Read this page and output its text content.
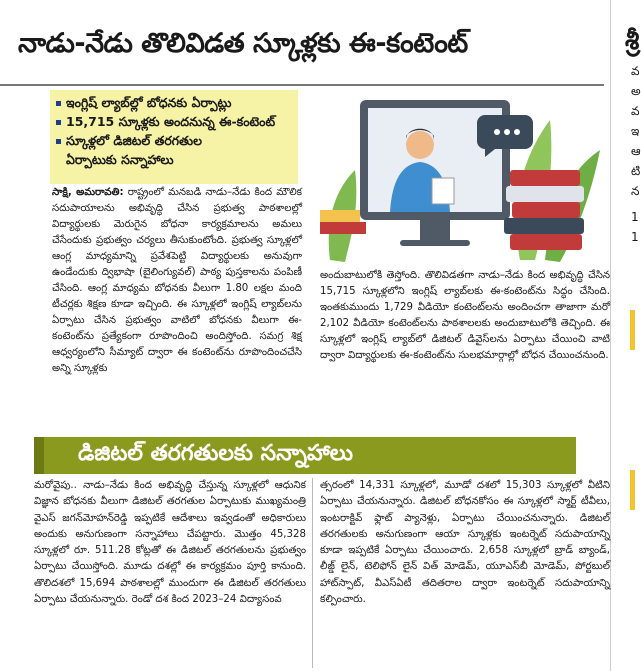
నాడు-నేడు తొలివిడత స్కూళ్లకు ఈ-కంటెంట్	శ్రీ
వ
అ
వ
ఇ
ఆ
టి
న
1
1
ఇంగ్లిష్ ల్యాబ్‌ల్లో బోధనకు ఏర్పాట్లు
15,715 స్కూళ్లకు అందనున్న ఈ-కంటెంట్
స్కూళ్లలో డిజిటల్ తరగతుల
ఏర్పాటుకు సన్నాహాలు

సాక్షి, అమరావతి: రాష్ట్రంలో మనబడి నాడు–నేడు కింద మౌలిక సదుపాయాలను అభివృద్ధి చేసిన ప్రభుత్వ పాఠశాలల్లో విద్యార్థులకు మెరుగైన బోధనా కార్యక్రమాలను అమలు చేసేందుకు ప్రభుత్వం చర్యలు తీసుకుంటోంది. ప్రభుత్వ స్కూళ్లలో ఆంగ్ల మాధ్యమాన్ని ప్రవేశపెట్టి విద్యార్థులకు అనువుగా ఉండేందుకు ద్విభాషా (బైలింగ్యువల్) పాఠ్య పుస్తకాలను పంపిణీ చేసింది. ఆంగ్ల మాధ్యమ బోధనకు వీలుగా 1.80 లక్షల మంది టీచర్లకు శిక్షణ కూడా ఇచ్చింది. ఈ స్కూళ్లలో ఇంగ్లిష్ ల్యాబ్‌లను ఏర్పాటు చేసిన ప్రభుత్వం వాటిలో బోధనకు వీలుగా ఈ-కంటెంట్‌ను ప్రత్యేకంగా రూపొందించి అందిస్తోంది. సమగ్ర శిక్ష ఆధ్వర్యంలోని సీమ్యాట్ ద్వారా ఈ కంటెంట్‌ను రూపొందించచేసి అన్ని స్కూళ్లకు

అందుబాటులోకి తెస్తోంది. తొలివిడతగా నాడు–నేడు కింద అభివృద్ధి చేసిన 15,715 స్కూళ్లలోని ఇంగ్లిష్ ల్యాబ్‌లకు ఈ-కంటెంట్‌ను సిద్ధం చేసింది. ఇంతకుముందు 1,729 వీడియో కంటెంట్‌లను అందించగా తాజాగా మరో 2,102 వీడియో కంటెంట్‌లను పాఠశాలలకు అందుబాటులోకి తెచ్చింది. ఈ స్కూళ్లలో ఇంగ్లిష్ ల్యాబ్‌లో డిజిటల్ డివైస్‌లను ఏర్పాటు చేయించి వాటి ద్వారా విద్యార్థులకు ఈ-కంటెంట్‌ను సులభమార్గాల్లో బోధన చేయించనుంది.

డిజిటల్ తరగతులకు సన్నాహాలు

మరోవైపు.. నాడు–నేడు కింద అభివృద్ధి చేస్తున్న స్కూళ్లలో ఆధునిక విజ్ఞాన బోధనకు వీలుగా డిజిటల్ తరగతుల ఏర్పాటుకు ముఖ్యమంత్రి వైఎస్ జగన్‌మోహన్‌రెడ్డి ఇప్పటికే ఆదేశాలు ఇవ్వడంతో అధికారులు అందుకు అనుగుణంగా సన్నాహాలు చేపట్టారు. మొత్తం 45,328 స్కూళ్లలో రూ. 511.28 కోట్లతో ఈ డిజిటల్ తరగతులను ప్రభుత్వం ఏర్పాటు చేయిస్తోంది. మూడు దశల్లో ఈ కార్యక్రమం పూర్తి కానుంది. తొలిదశలో 15,694 పాఠశాలల్లో ముందుగా ఈ డిజిటల్ తరగతులు ఏర్పాటు చేయనున్నారు. రెండో దశ కింద 2023–24 విద్యాసంవ

త్సరంలో 14,331 స్కూళ్లలో, మూడో దశలో 15,303 స్కూళ్లలో వీటిని ఏర్పాటు చేయనున్నారు. డిజిటల్ బోధనకోసం ఈ స్కూళ్లలో స్మార్ట్ టీవీలు, ఇంటరాక్టివ్ ఫ్లాట్ ప్యానెళ్లు, ఏర్పాటు చేయించనున్నారు. డిజిటల్ తరగతులకు అనుగుణంగా ఆయా స్కూళ్లకు ఇంటర్నెట్ సదుపాయాన్ని కూడా ఇప్పటికే ఏర్పాటు చేయించారు. 2,658 స్కూళ్లలో బ్రాడ్ బ్యాండ్, లీజ్డ్ లైన్, టెలిఫోన్ లైన్ విత్ మోడెమ్, యూఎస్‌బీ మోడెమ్, పోర్టబుల్ హాట్‌స్పాట్, వీఎస్ఏటీ తదితరాల ద్వారా ఇంటర్నెట్ సదుపాయాన్ని కల్పించారు.
